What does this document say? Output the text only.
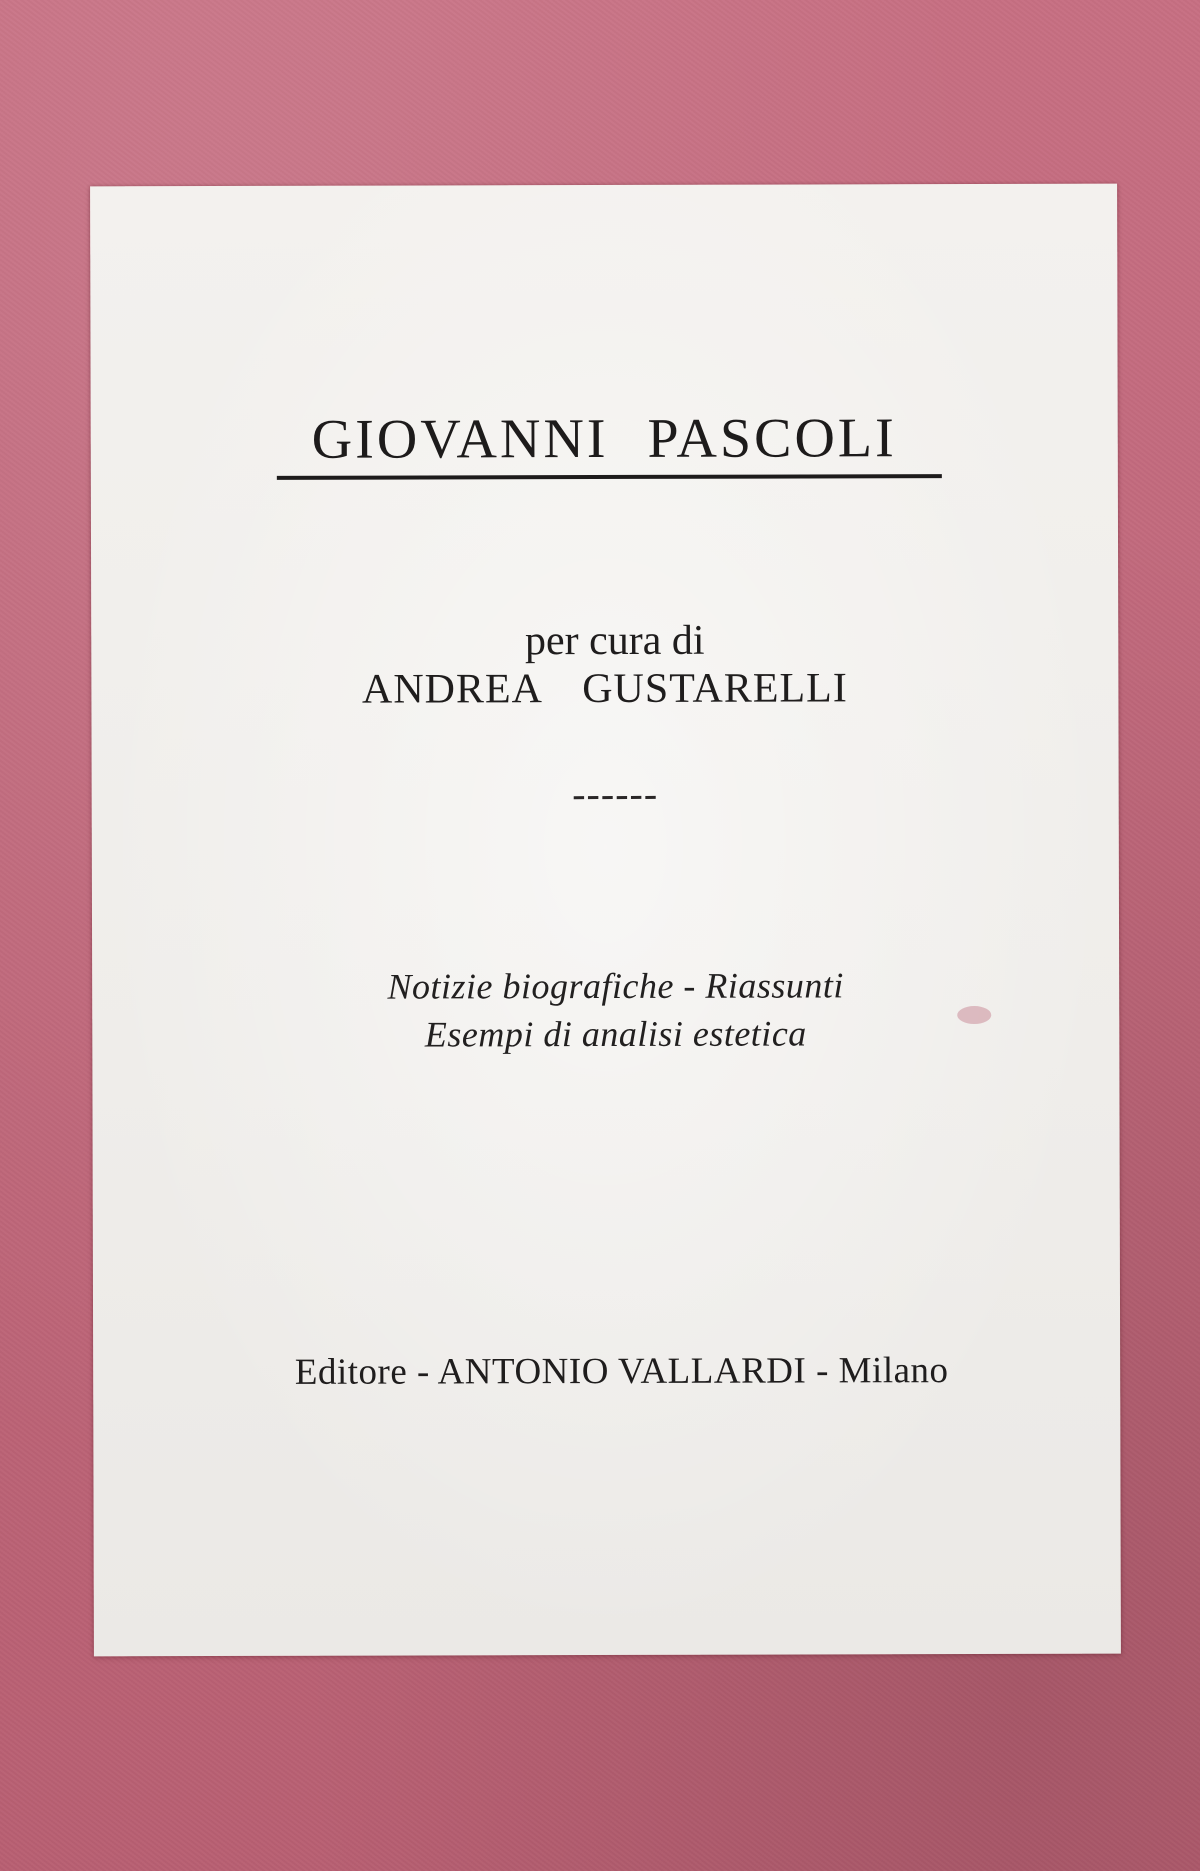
GIOVANNI PASCOLI
per cura di
ANDREA GUSTARELLI
------
Notizie biografiche - Riassunti
Esempi di analisi estetica
Editore - ANTONIO VALLARDI - Milano
